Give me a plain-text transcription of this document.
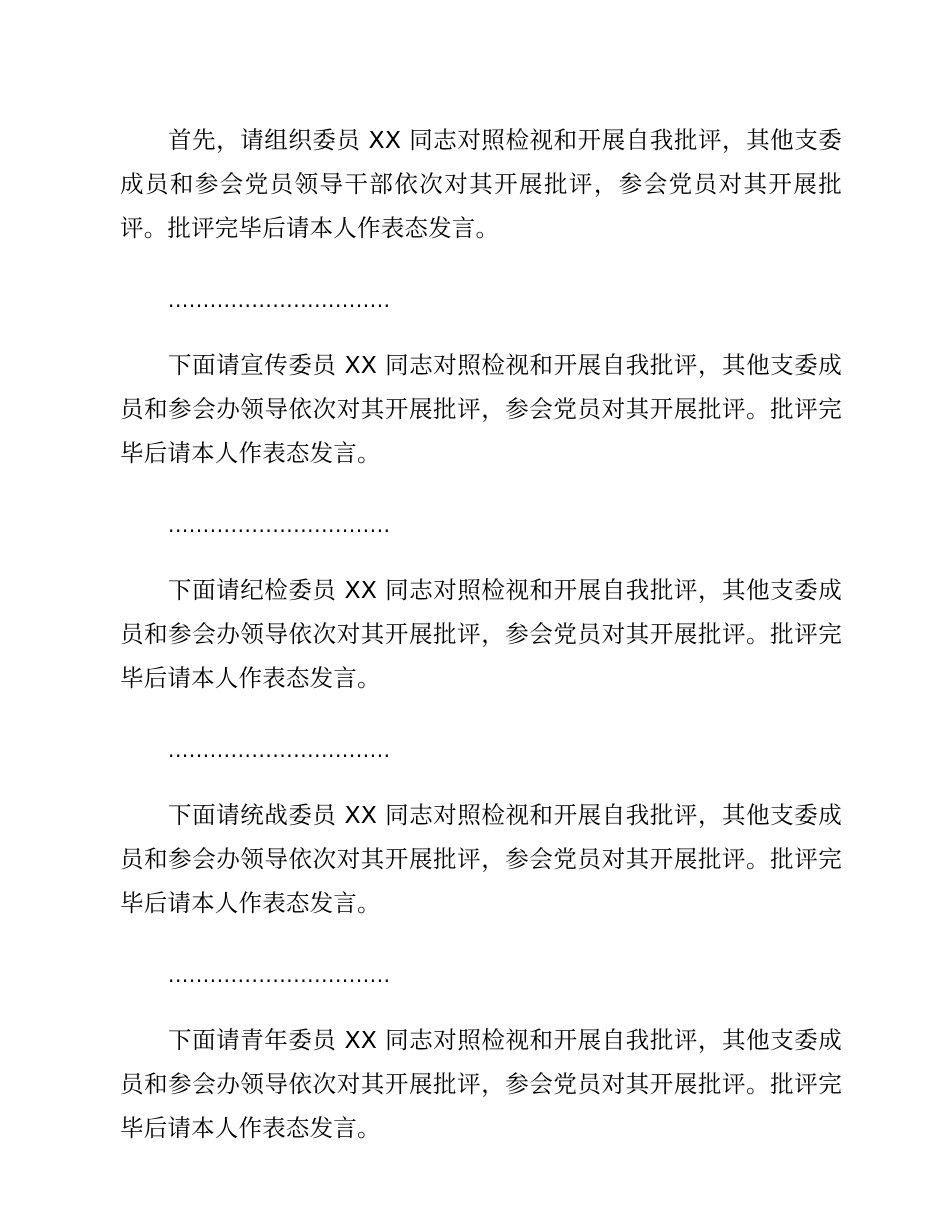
首先，请组织委员 XX 同志对照检视和开展自我批评，其他支委成员和参会党员领导干部依次对其开展批评，参会党员对其开展批评。批评完毕后请本人作表态发言。

................................

下面请宣传委员 XX 同志对照检视和开展自我批评，其他支委成员和参会办领导依次对其开展批评，参会党员对其开展批评。批评完毕后请本人作表态发言。

................................

下面请纪检委员 XX 同志对照检视和开展自我批评，其他支委成员和参会办领导依次对其开展批评，参会党员对其开展批评。批评完毕后请本人作表态发言。

................................

下面请统战委员 XX 同志对照检视和开展自我批评，其他支委成员和参会办领导依次对其开展批评，参会党员对其开展批评。批评完毕后请本人作表态发言。

................................

下面请青年委员 XX 同志对照检视和开展自我批评，其他支委成员和参会办领导依次对其开展批评，参会党员对其开展批评。批评完毕后请本人作表态发言。
